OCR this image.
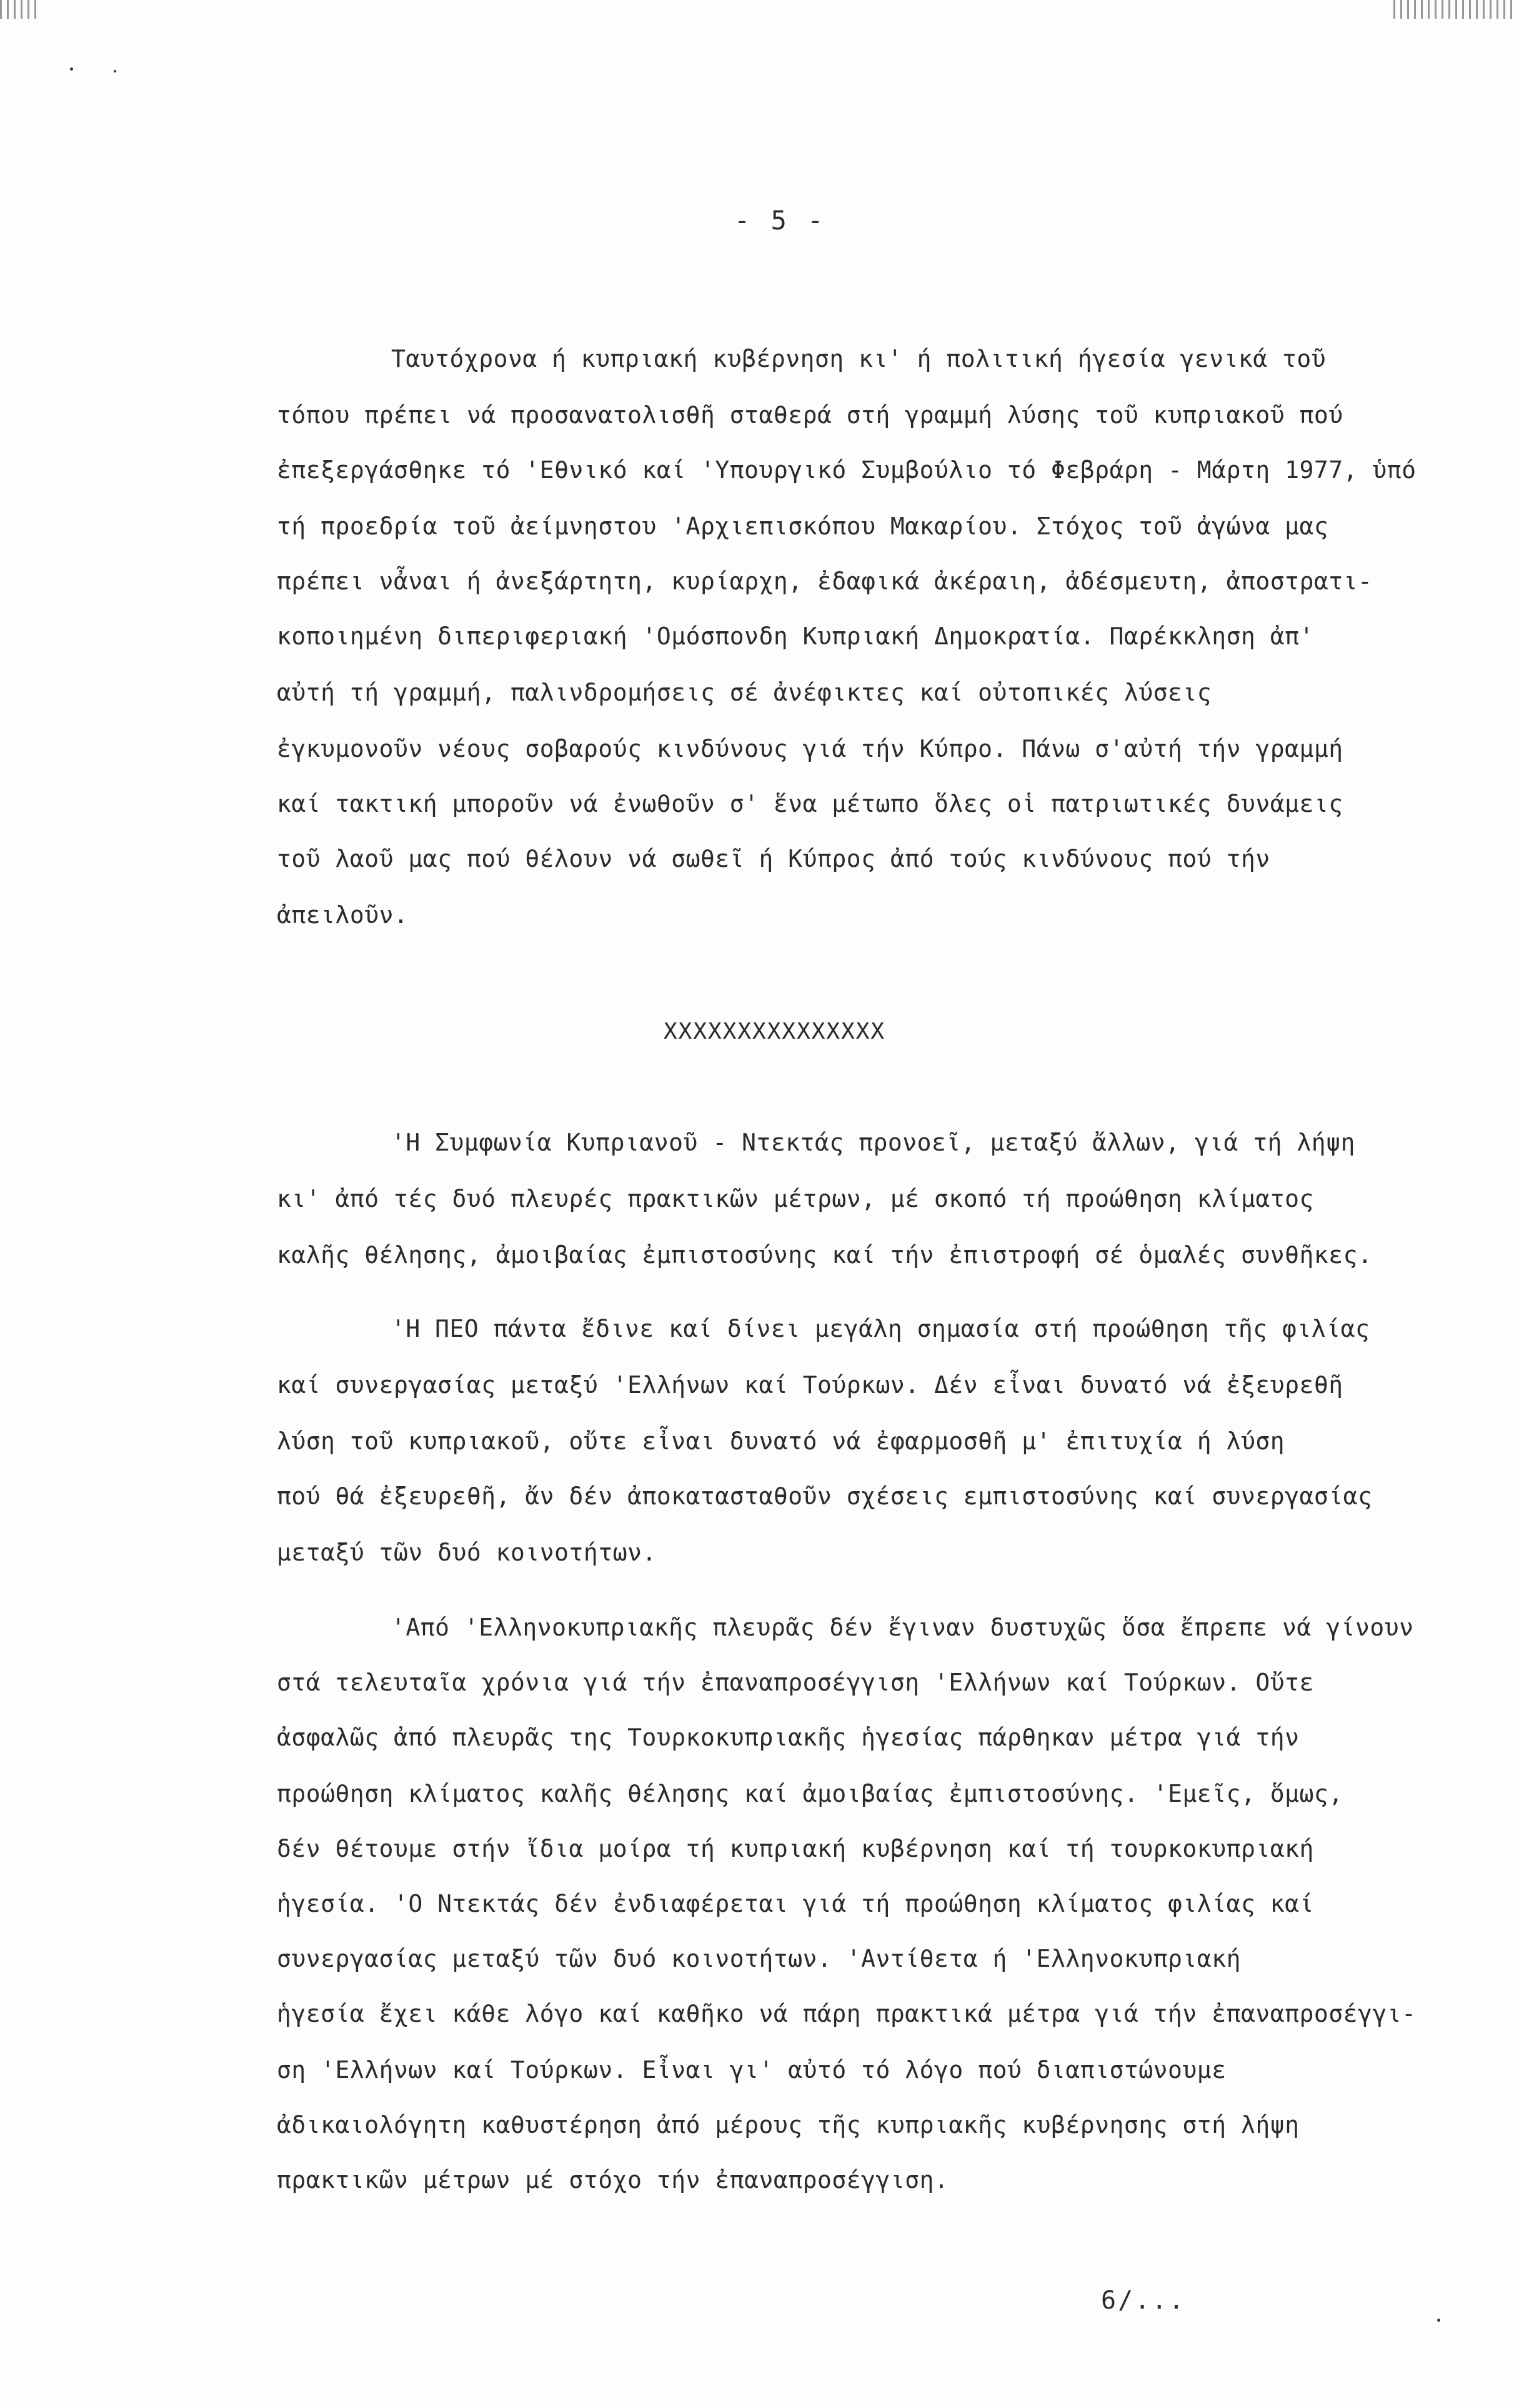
- 5 -
Ταυτόχρονα ή κυπριακή κυβέρνηση κι' ή πολιτική ήγεσία γενικά τοῦ
τόπου πρέπει νά προσανατολισθῆ σταθερά στή γραμμή λύσης τοῦ κυπριακοῦ πού
ἐπεξεργάσθηκε τό 'Εθνικό καί 'Υπουργικό Συμβούλιο τό Φεβράρη - Μάρτη 1977, ὑπό
τή προεδρία τοῦ ἀείμνηστου 'Αρχιεπισκόπου Μακαρίου. Στόχος τοῦ ἀγώνα μας
πρέπει νἆναι ή ἀνεξάρτητη, κυρίαρχη, ἐδαφικά ἀκέραιη, ἀδέσμευτη, ἀποστρατι-
κοποιημένη διπεριφεριακή 'Ομόσπονδη Κυπριακή Δημοκρατία. Παρέκκληση ἀπ'
αὐτή τή γραμμή, παλινδρομήσεις σέ ἀνέφικτες καί οὐτοπικές λύσεις
ἐγκυμονοῦν νέους σοβαρούς κινδύνους γιά τήν Κύπρο. Πάνω σ'αὐτή τήν γραμμή
καί τακτική μποροῦν νά ἐνωθοῦν σ' ἕνα μέτωπο ὅλες οἱ πατριωτικές δυνάμεις
τοῦ λαοῦ μας πού θέλουν νά σωθεῖ ή Κύπρος ἀπό τούς κινδύνους πού τήν
ἀπειλοῦν.
XXXXXXXXXXXXXXX
'Η Συμφωνία Κυπριανοῦ - Ντεκτάς προνοεῖ, μεταξύ ἄλλων, γιά τή λήψη
κι' ἀπό τές δυό πλευρές πρακτικῶν μέτρων, μέ σκοπό τή προώθηση κλίματος
καλῆς θέλησης, ἀμοιβαίας ἐμπιστοσύνης καί τήν ἐπιστροφή σέ ὁμαλές συνθῆκες.
'Η ΠΕΟ πάντα ἔδινε καί δίνει μεγάλη σημασία στή προώθηση τῆς φιλίας
καί συνεργασίας μεταξύ 'Ελλήνων καί Τούρκων. Δέν εἶναι δυνατό νά ἐξευρεθῆ
λύση τοῦ κυπριακοῦ, οὔτε εἶναι δυνατό νά ἐφαρμοσθῆ μ' ἐπιτυχία ή λύση
πού θά ἐξευρεθῆ, ἄν δέν ἀποκατασταθοῦν σχέσεις εμπιστοσύνης καί συνεργασίας
μεταξύ τῶν δυό κοινοτήτων.
'Από 'Ελληνοκυπριακῆς πλευρᾶς δέν ἔγιναν δυστυχῶς ὅσα ἔπρεπε νά γίνουν
στά τελευταῖα χρόνια γιά τήν ἐπαναπροσέγγιση 'Ελλήνων καί Τούρκων. Οὔτε
ἀσφαλῶς ἀπό πλευρᾶς της Τουρκοκυπριακῆς ἡγεσίας πάρθηκαν μέτρα γιά τήν
προώθηση κλίματος καλῆς θέλησης καί ἀμοιβαίας ἐμπιστοσύνης. 'Εμεῖς, ὅμως,
δέν θέτουμε στήν ἴδια μοίρα τή κυπριακή κυβέρνηση καί τή τουρκοκυπριακή
ἡγεσία. 'Ο Ντεκτάς δέν ἐνδιαφέρεται γιά τή προώθηση κλίματος φιλίας καί
συνεργασίας μεταξύ τῶν δυό κοινοτήτων. 'Αντίθετα ή 'Ελληνοκυπριακή
ἡγεσία ἔχει κάθε λόγο καί καθῆκο νά πάρη πρακτικά μέτρα γιά τήν ἐπαναπροσέγγι-
ση 'Ελλήνων καί Τούρκων. Εἶναι γι' αὐτό τό λόγο πού διαπιστώνουμε
ἀδικαιολόγητη καθυστέρηση ἀπό μέρους τῆς κυπριακῆς κυβέρνησης στή λήψη
πρακτικῶν μέτρων μέ στόχο τήν ἐπαναπροσέγγιση.
6/...
